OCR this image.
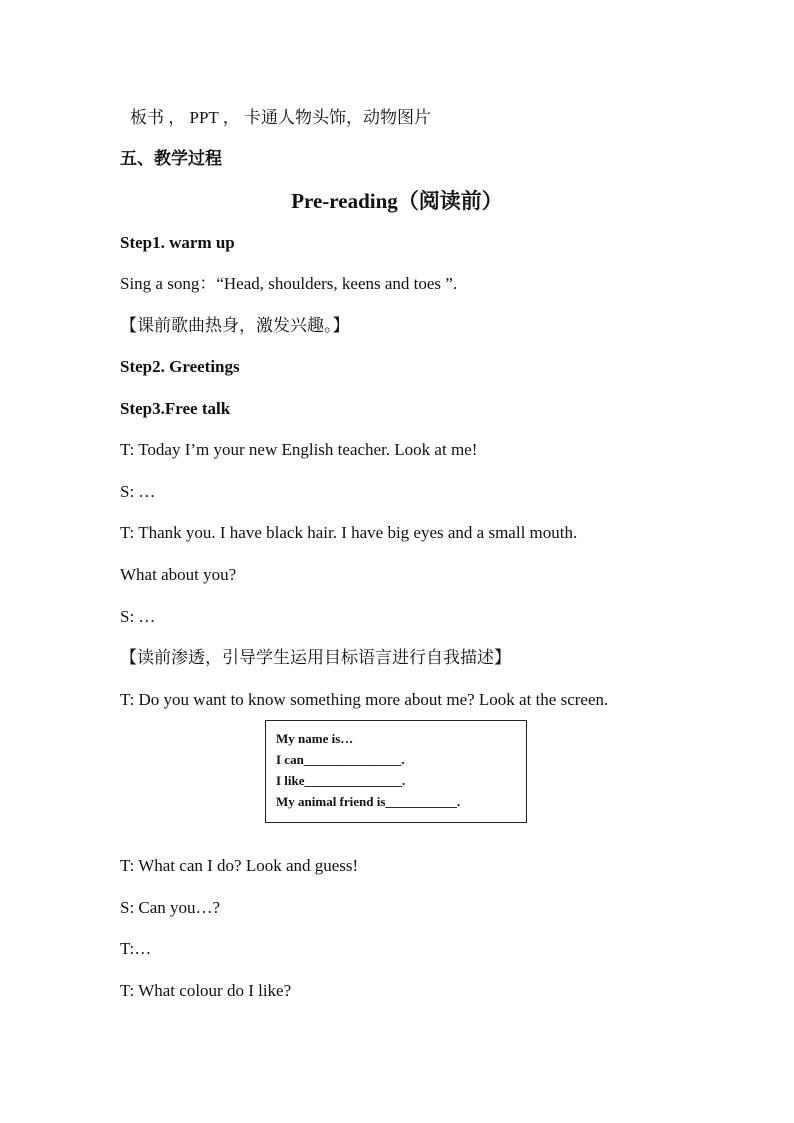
板书 ， PPT ， 卡通人物头饰，动物图片
五、教学过程
Pre-reading（阅读前）
Step1. warm up
Sing a song：“Head, shoulders, keens and toes ”.
【课前歌曲热身，激发兴趣。】
Step2. Greetings
Step3.Free talk
T: Today I’m your new English teacher. Look at me!
S: …
T: Thank you. I have black hair. I have big eyes and a small mouth.
What about you?
S: …
【读前渗透，引导学生运用目标语言进行自我描述】
T: Do you want to know something more about me? Look at the screen.
My name is…
I can_______________.
I like_______________.
My animal friend is___________.
T: What can I do? Look and guess!
S: Can you…?
T:…
T: What colour do I like?
